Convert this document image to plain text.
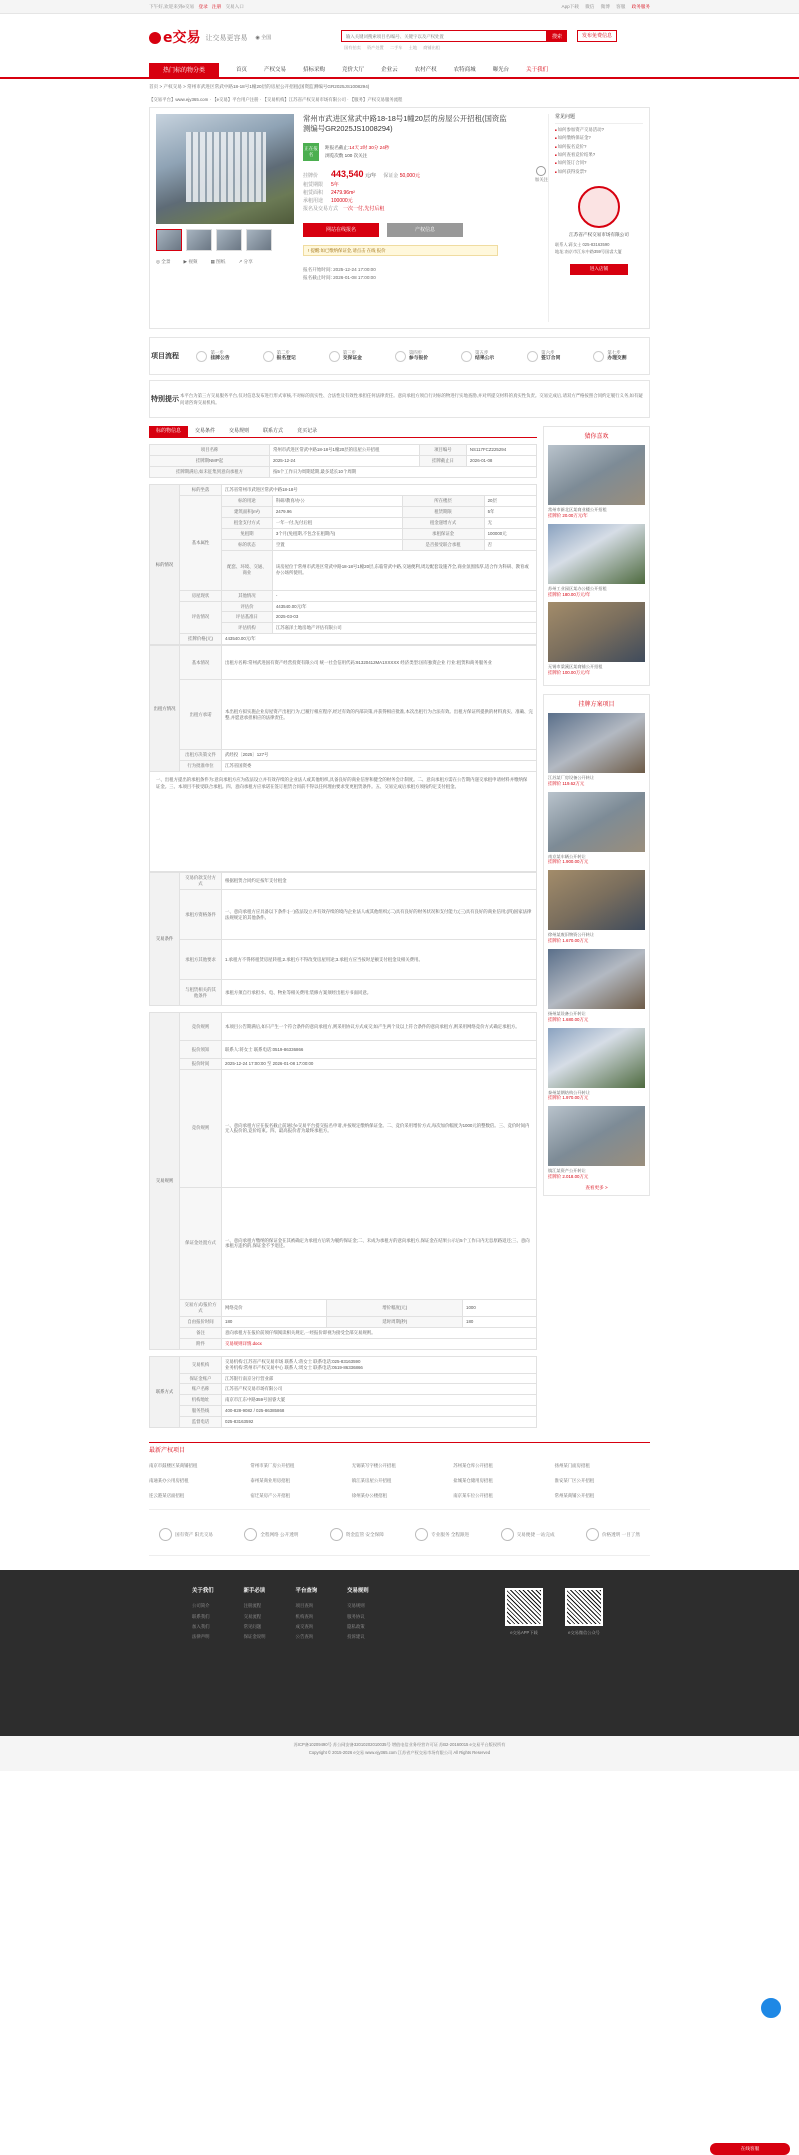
下午好,欢迎来到e交易 登录 注册 交易入口	App下载 微信 微博 客服 政务服务
e交易 让交易更容易 ◉ 全国
输入关键词搜索项目名/编号、关键字以及产权处置	搜索	发布免费信息
国有拍卖 资产处置 二手车 土地 商铺出租
热门标的物分类	首页	产权交易	招标采购	竞价大厅	企业云	农村产权	农特商城	曝光台	关于我们
首页 > 产权交易 > 常州市武进区常武中路18-18号1幢20层的房屋公开招租(国资监测编号GR2025JS1008294)
【交易平台】www.ejy365.com · 【e交易】平台用户注册 · 【交易机构】江苏省产权交易市场有限公司 · 【服务】产权交易服务流程
◎ 全景	▶ 视频	▦ 图纸	↗ 分享
常州市武进区常武中路18-18号1幢20层的房屋公开招租(国资监测编号GR2025JS1008294)
正在报名
距报名截止:14天 2时 30分 24秒
浏览次数 100 次关注
加关注
挂牌价 443,540 元/年 保证金 50,000元
租赁期限 5年
租赁面积 2479.96m²
承租用途 100000元
报名及交易方式 一次一付,先付后租
网站在线报名	产权信息
! 提醒:如已缴纳保证金,请点击 在线 报价
报名开始时间: 2025-12-24 17:00:00
报名截止时间: 2026-01-08 17:00:00
常见问题
■ 如何参加资产交易活动?
■ 如何缴纳保证金?
■ 如何报名竞价?
■ 如何查看竞价结果?
■ 如何签订合同?
■ 如何获得发票?
江苏省产权交易市场有限公司
联系人:蒋女士 025-83163590
地址:南京市江东中路359号国睿大厦
进入店铺
项目流程
第一步
挂牌公告
第二步
报名登记
第三步
交保证金
第四步
参与报价
第五步
结果公示
第六步
签订合同
第七步
办理交割
特别提示
本平台为第三方交易服务平台,仅对信息发布进行形式审核,不对标的真实性、合法性及有效性承担任何法律责任。意向承租方须自行对标的物进行实地查勘,并对所提交材料的真实性负责。交易完成后,请双方严格按照合同约定履行义务,如有疑问请咨询交易机构。
标的物信息	交易条件	交易规则	联系方式	竞买记录
项目名称	常州市武进区常武中路18-18号1幢20层的房屋公开招租	项目编号	NS117FCZ225294
挂牌期NMP起	2025-12-24	挂牌截止日	2026-01-08
挂牌期满后,如未征集到意向承租方	按5个工作日为周期延期,最多延长10个周期		
标的情况	标的坐落	江苏省常州市武进区常武中路18-18号			
	基本属性	标的用途	科研/教育/办公	所在楼层	20层
		建筑面积(m²)	2479.96	租赁期限	5年
		租金支付方式	一年一付,先付后租	租金递增方式	无
		免租期	3个月(免租期,不包含在租期内)	承租保证金	100000元
		标的状态	空置	是否接受联合承租	否
		配套、环境、交通、商业	该房屋位于常州市武进区常武中路18-18号1幢20层,东临常武中路,交通便利,周边配套设施齐全,商业氛围浓厚,适合作为科研、教育或办公场所使用。		
	房屋现状	其他情况	-		
	评估情况	评估价	443540.00元/年		
		评估基准日	2025-03-03		
		评估机构	江苏嘉泽土地房地产评估有限公司		
	挂牌价格(元)	443540.00元/年			
出租方情况	基本情况	出租方名称:常州武进国有资产经营投资有限公司 统一社会信用代码:91320412MA1XXXXX 经济类型:国有独资企业 行业:租赁和商务服务业
	出租方承诺	本出租方拟实施企业房屋资产出租行为,已履行相应程序,经过有效的内部决策,并获得相应批准,本次出租行为合法有效。出租方保证所提供的材料真实、准确、完整,并愿意承担相应的法律责任。
	出租方决策文件	武经投〔2025〕127号
	行为批准单位	江苏省国资委
一、出租方提出的承租条件为:意向承租方应为依法设立并有效存续的企业法人或其他组织,具备良好的商业信誉和健全的财务会计制度。二、意向承租方需在公告期内递交承租申请材料并缴纳保证金。三、本项目不接受联合承租。四、意向承租方应承诺在签订租赁合同前不得以任何理由要求变更租赁条件。五、交易完成后承租方须按约定支付租金。
交易条件	交易价款支付方式	根据租赁合同约定按年支付租金
	承租方资格条件	一、意向承租方应具备以下条件:(一)依法设立并有效存续的境内企业法人或其他组织;(二)具有良好的财务状况和支付能力;(三)具有良好的商业信用;(四)国家法律法规规定的其他条件。
	承租方其他要求	1.承租方不得将租赁房屋转租;2.承租方不得改变房屋用途;3.承租方应当按时足额支付租金及相关费用。
	与租赁相关的其他条件	承租方须自行承担水、电、物业等相关费用;装修方案须经出租方书面同意。
交易规则	竞价规则	本项目公告期满后,如只产生一个符合条件的意向承租方,则采用协议方式成交;如产生两个及以上符合条件的意向承租方,则采用网络竞价方式确定承租方。		
	报价须知	联系人:蒋女士 联系电话:0519-86336866		
	报价时间	2025-12-24 17:00:00 至 2026-01-08 17:00:00		
	竞价规则	一、意向承租方应在报名截止前通过e交易平台提交报名申请,并按规定缴纳保证金。二、竞价采用增价方式,每次加价幅度为1000元的整数倍。三、竞价时间内无人报价的,竞价结束。四、最高报价者为最终承租方。		
	保证金处置方式	一、意向承租方缴纳的保证金在其被确定为承租方后转为履约保证金;二、未成为承租方的意向承租方,保证金在结果公示后5个工作日内无息原路返还;三、意向承租方违约的,保证金不予退还。		
	交易方式/报价方式	网络竞价	增价幅度(元)	1000
	自由报价时间	180	延时周期(秒)	180
	备注	意向承租方在报价前须仔细阅读相关规定,一经报价即视为接受全部交易规则。		
	附件	交易规则详情.docx		
联系方式	交易机构	交易机构:江苏省产权交易市场 联系人:蒋女士 联系电话:025-83163590
业务机构:常州市产权交易中心 联系人:周女士 联系电话:0519-86336866

	保证金账户	江苏银行南京分行营业部
	账户名称	江苏省产权交易市场有限公司
	机构地址	南京市江东中路359号国睿大厦
	服务热线	400-828-9082 / 025-86385868
	监督电话	025-83163592
猜你喜欢
常州市新北区某商业楼公开招租
挂牌价 20.00万元/年
苏州工业园区某办公楼公开招租
挂牌价 180.00万元/年
无锡市梁溪区某商铺公开招租
挂牌价 100.00万元/年
挂牌方案项目
江苏某厂房设备公开转让
挂牌价 119.62万元
南京某车辆公开转让
挂牌价 1.900.00万元
徐州某废旧物资公开转让
挂牌价 1.670.00万元
扬州某设备公开转让
挂牌价 1.680.00万元
泰州某钢结构公开转让
挂牌价 1.970.00万元
镇江某资产公开转让
挂牌价 2.018.00万元
查看更多 >
最新产权项目
南京市鼓楼区某商铺招租	常州市某厂房公开招租	无锡某写字楼公开招租	苏州某仓库公开招租	扬州某门面房招租
南通某办公用房招租	泰州某商业用房招租	镇江某房屋公开招租	盐城某仓储用房招租	淮安某厂区公开招租
连云港某店面招租	宿迁某房产公开招租	徐州某办公楼招租	南京某车位公开招租	常州某商铺公开招租
国有资产 阳光交易	全程网络 公开透明	资金监管 安全保障	专业服务 全程跟进	交易便捷 一站完成	价格透明 一目了然
关于我们

公司简介

联系我们

加入我们

法律声明

新手必读

注册流程

交易流程

常见问题

保证金说明

平台查询

项目查询

机构查询

成交查询

公告查询

交易规则

交易规则

服务协议

隐私政策

投诉建议

e交易APP下载	e交易微信公众号
苏ICP备10209490号 苏公网安备32010202010035号 增值电信业务经营许可证 苏B2-20160015 e交易平台版权所有
Copyright © 2015-2026 e交易 www.ejy365.com 江苏省产权交易市场有限公司 All Rights Reserved
在线客服
